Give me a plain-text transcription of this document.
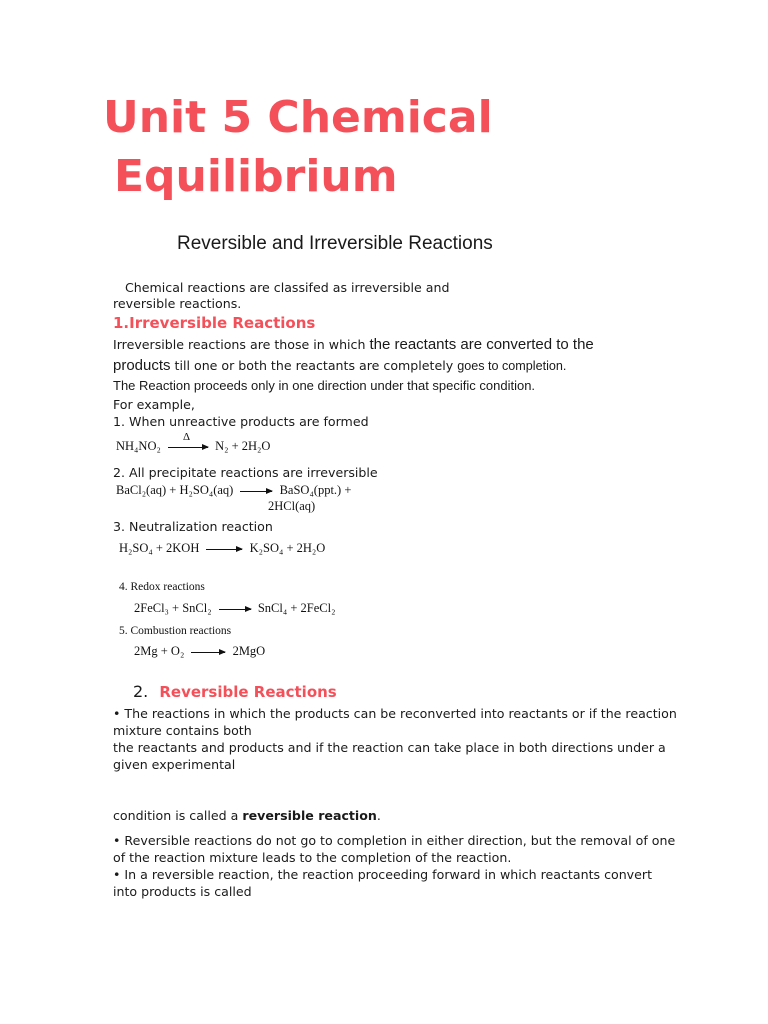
Unit 5 Chemical
Equilibrium
Reversible and Irreversible Reactions
Chemical reactions are classifed as irreversible and
reversible reactions.
1.Irreversible Reactions
Irreversible reactions are those in which the reactants are converted to the
products till one or both the reactants are completely goes to completion.
The Reaction proceeds only in one direction under that specific condition.
For example,
1. When unreactive products are formed
NH₄NO₂
Δ
N₂ + 2H₂O
2. All precipitate reactions are irreversible
BaCl₂(aq) + H₂SO₄(aq) → BaSO₄(ppt.) +
2HCl(aq)
3. Neutralization reaction
H₂SO₄ + 2KOH → K₂SO₄ + 2H₂O
4. Redox reactions
2FeCl₃ + SnCl₂ → SnCl₄ + 2FeCl₂
5. Combustion reactions
2Mg + O₂ → 2MgO
2. Reversible Reactions
• The reactions in which the products can be reconverted into reactants or if the reaction
mixture contains both
the reactants and products and if the reaction can take place in both directions under a
given experimental
condition is called a reversible reaction.
• Reversible reactions do not go to completion in either direction, but the removal of one
of the reaction mixture leads to the completion of the reaction.
• In a reversible reaction, the reaction proceeding forward in which reactants convert
into products is called
